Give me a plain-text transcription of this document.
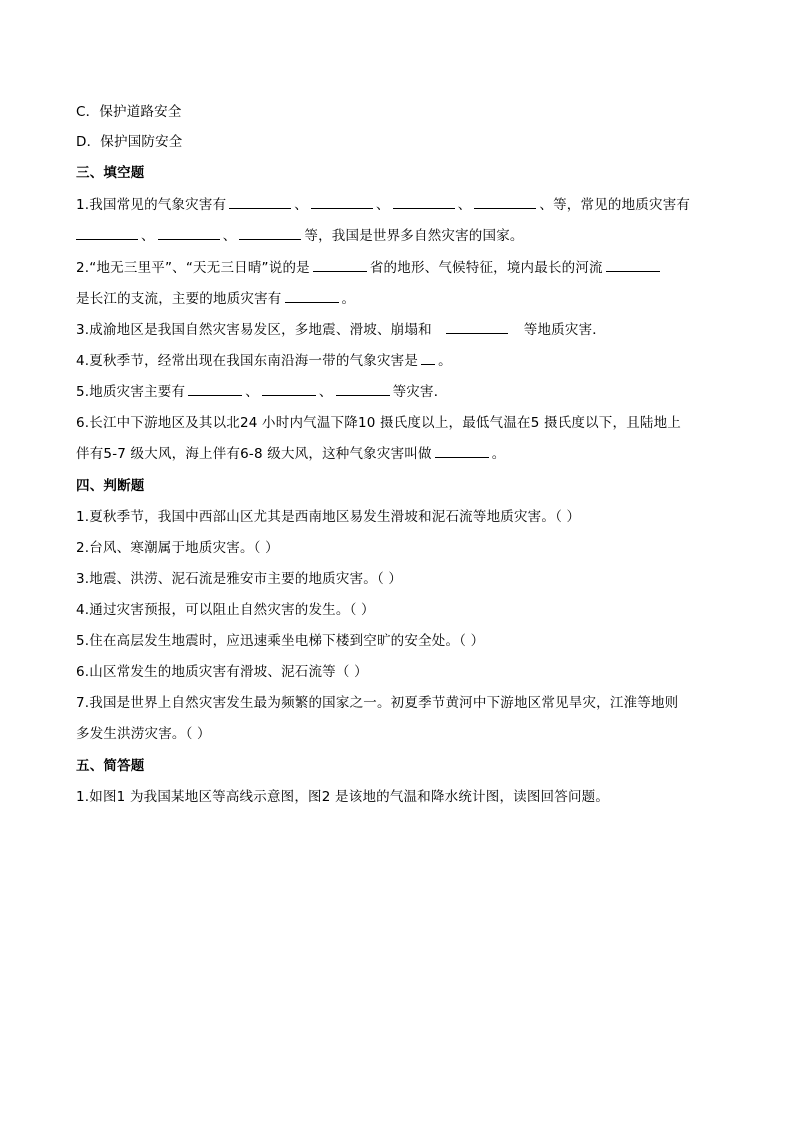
C．保护道路安全
D．保护国防安全
三、填空题
1.我国常见的气象灾害有	、	、	、	、等，常见的地质灾害有
、	、	等，我国是世界多自然灾害的国家。
2.“地无三里平”、“天无三日晴”说的是	省的地形、气候特征，境内最长的河流
是长江的支流，主要的地质灾害有	。
3.成渝地区是我国自然灾害易发区，多地震、滑坡、崩塌和	等地质灾害．
4.夏秋季节，经常出现在我国东南沿海一带的气象灾害是 。
5.地质灾害主要有	、	、	等灾害．
6.长江中下游地区及其以北24 小时内气温下降10 摄氏度以上，最低气温在5 摄氏度以下，且陆地上
伴有5-7 级大风，海上伴有6-8 级大风，这种气象灾害叫做	。
四、判断题
1.夏秋季节，我国中西部山区尤其是西南地区易发生滑坡和泥石流等地质灾害。（ ）
2.台风、寒潮属于地质灾害。（ ）
3.地震、洪涝、泥石流是雅安市主要的地质灾害。（ ）
4.通过灾害预报，可以阻止自然灾害的发生。（ ）
5.住在高层发生地震时，应迅速乘坐电梯下楼到空旷的安全处。（ ）
6.山区常发生的地质灾害有滑坡、泥石流等（ ）
7.我国是世界上自然灾害发生最为频繁的国家之一。初夏季节黄河中下游地区常见旱灾，江淮等地则
多发生洪涝灾害。（ ）
五、简答题
1.如图1 为我国某地区等高线示意图，图2 是该地的气温和降水统计图，读图回答问题。
